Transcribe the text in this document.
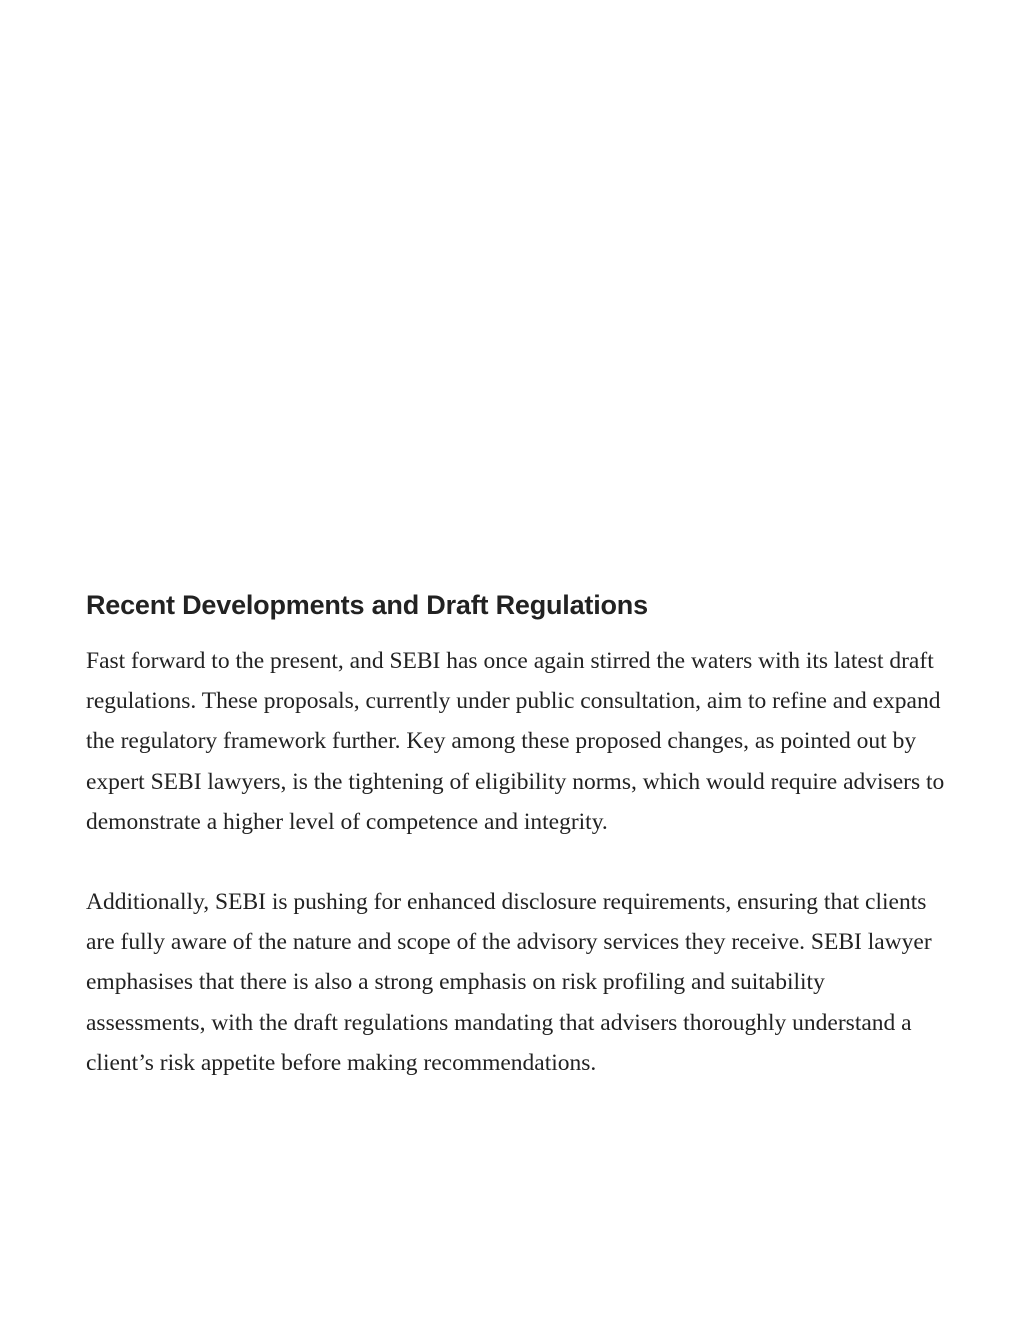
Recent Developments and Draft Regulations

Fast forward to the present, and SEBI has once again stirred the waters with its latest draft regulations. These proposals, currently under public consultation, aim to refine and expand the regulatory framework further. Key among these proposed changes, as pointed out by expert SEBI lawyers, is the tightening of eligibility norms, which would require advisers to demonstrate a higher level of competence and integrity.

Additionally, SEBI is pushing for enhanced disclosure requirements, ensuring that clients are fully aware of the nature and scope of the advisory services they receive. SEBI lawyer emphasises that there is also a strong emphasis on risk profiling and suitability assessments, with the draft regulations mandating that advisers thoroughly understand a client’s risk appetite before making recommendations.
